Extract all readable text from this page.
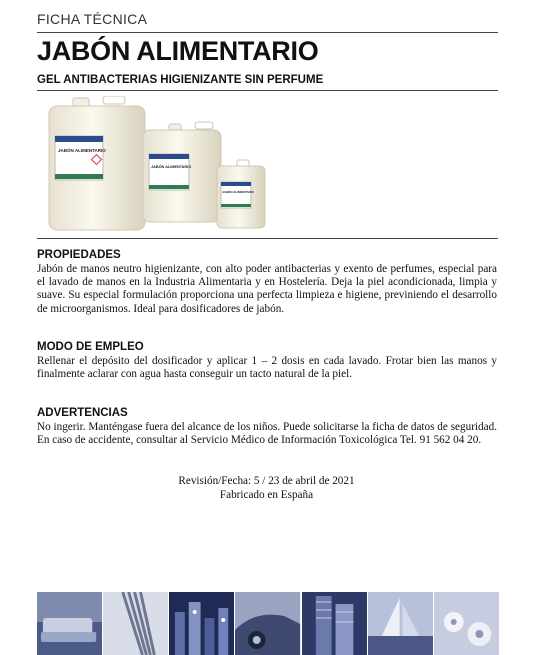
FICHA TÉCNICA
JABÓN ALIMENTARIO
GEL ANTIBACTERIAS HIGIENIZANTE SIN PERFUME
JABÓN ALIMENTARIO
JABÓN ALIMENTARIO
JABÓN ALIMENTARIO
PROPIEDADES
Jabón de manos neutro higienizante, con alto poder antibacterias y exento de perfumes, especial para el lavado de manos en la Industria Alimentaria y en Hostelería. Deja la piel acondicionada, limpia y suave. Su especial formulación proporciona una perfecta limpieza e higiene, previniendo el desarrollo de microorganismos. Ideal para dosificadores de jabón.
MODO DE EMPLEO
Rellenar el depósito del dosificador y aplicar 1 – 2 dosis en cada lavado. Frotar bien las manos y finalmente aclarar con agua hasta conseguir un tacto natural de la piel.
ADVERTENCIAS
No ingerir. Manténgase fuera del alcance de los niños. Puede solicitarse la ficha de datos de seguridad. En caso de accidente, consultar al Servicio Médico de Información Toxicológica Tel. 91 562 04 20.
Revisión/Fecha: 5 / 23 de abril de 2021
Fabricado en España
